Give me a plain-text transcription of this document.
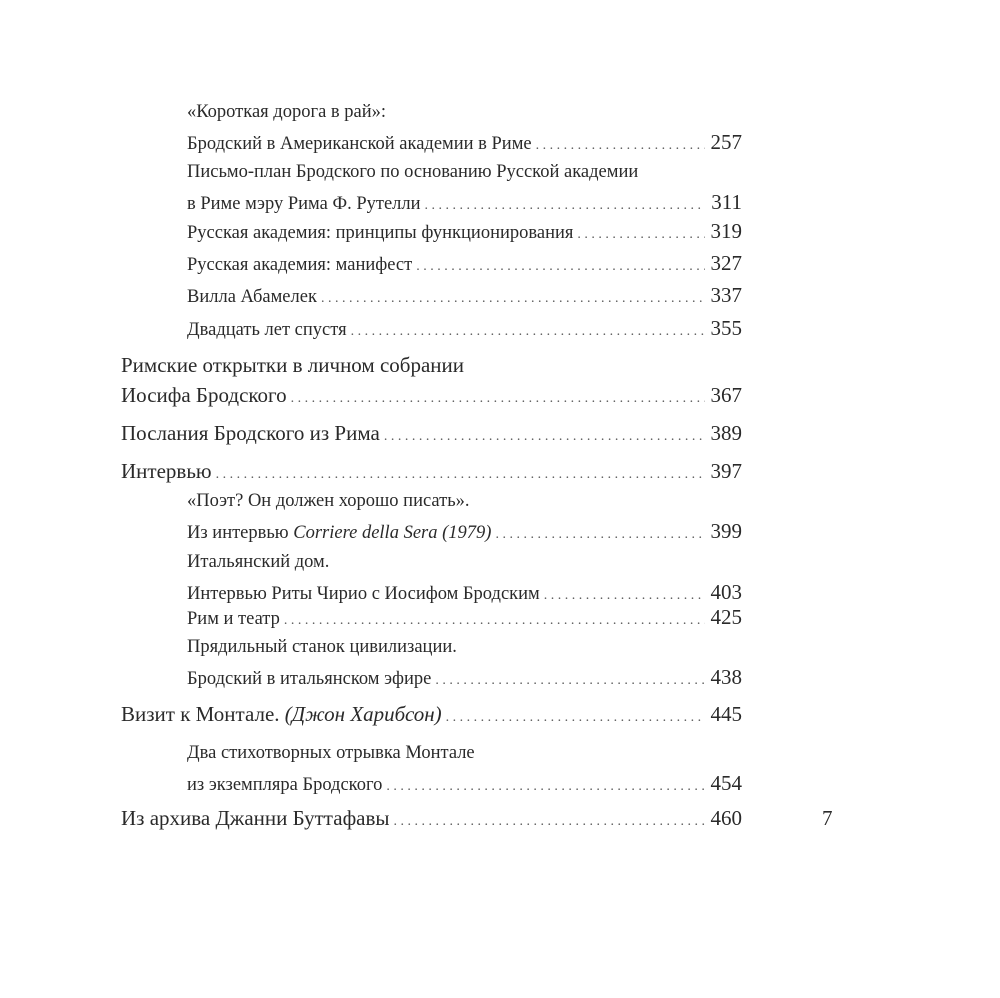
«Короткая дорога в рай»:
Бродский в Американской академии в Риме . . .	257
Письмо-план Бродского по основанию Русской академии
в Риме мэру Рима Ф. Рутелли . . .	311
Русская академия: принципы функционирования . . .	319
Русская академия: манифест . . .	327
Вилла Абамелек . . .	337
Двадцать лет спустя . . .	355
Римские открытки в личном собрании
Иосифа Бродского . . .	367
Послания Бродского из Рима . . .	389
Интервью . . .	397
«Поэт? Он должен хорошо писать».
Из интервью Corriere della Sera (1979) . . .	399
Итальянский дом.
Интервью Риты Чирио с Иосифом Бродским . . .	403
Рим и театр . . .	425
Прядильный станок цивилизации.
Бродский в итальянском эфире . . .	438
Визит к Монтале. (Джон Харибсон) . . .	445
Два стихотворных отрывка Монтале
из экземпляра Бродского . . .	454
Из архива Джанни Буттафавы . . .	460	7
